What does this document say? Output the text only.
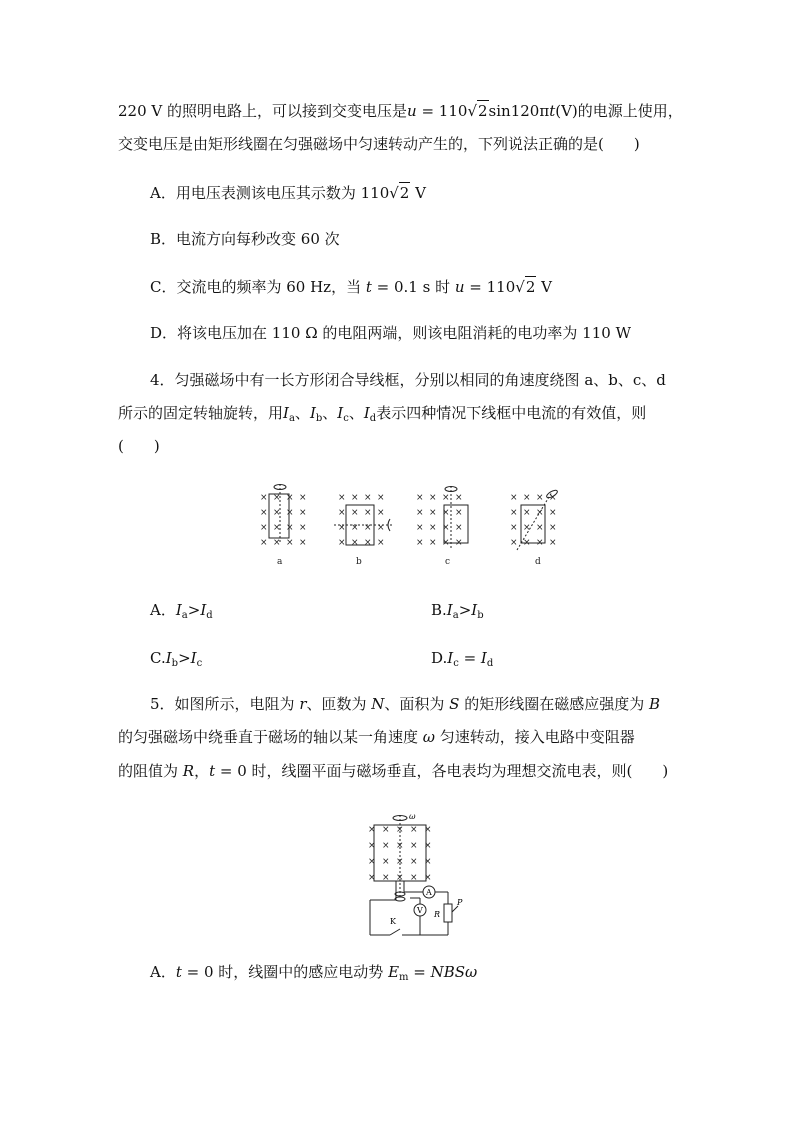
220 V 的照明电路上，可以接到交变电压是u = 110√2sin120πt(V)的电源上使用，
交变电压是由矩形线圈在匀强磁场中匀速转动产生的，下列说法正确的是(　　)
A．用电压表测该电压其示数为 110√2 V
B．电流方向每秒改变 60 次
C．交流电的频率为 60 Hz，当 t = 0.1 s 时 u = 110√2 V
D．将该电压加在 110 Ω 的电阻两端，则该电阻消耗的电功率为 110 W
4．匀强磁场中有一长方形闭合导线框，分别以相同的角速度绕图 a、b、c、d
所示的固定转轴旋转，用$I_a$、$I_b$、$I_c$、$I_d$表示四种情况下线框中电流的有效值，则
(　　)
a	b	c	d
× × × ×
× × × ×
× × × ×
× × × ×
× × × ×
× × × ×
× × × ×
× × × ×
× × × ×
× × × ×
× × × ×
× × × ×
× × × ×
× × × ×
× × × ×
× × × ×
A．$I_a>I_d$	$B.I_a>I_b$
$C.I_b>I_c$	$D.I_c = I_d$
5．如图所示，电阻为 r、匝数为 N、面积为 S 的矩形线圈在磁感应强度为 B
的匀强磁场中绕垂直于磁场的轴以某一角速度 ω 匀速转动，接入电路中变阻器
的阻值为 R，t = 0 时，线圈平面与磁场垂直，各电表均为理想交流电表，则(　　)
× × × × ×
× × × × ×
× × × × ×
× × × × ×
ω
A
P
R
V
K
A．t = 0 时，线圈中的感应电动势 $E_m = NBS\omega$
